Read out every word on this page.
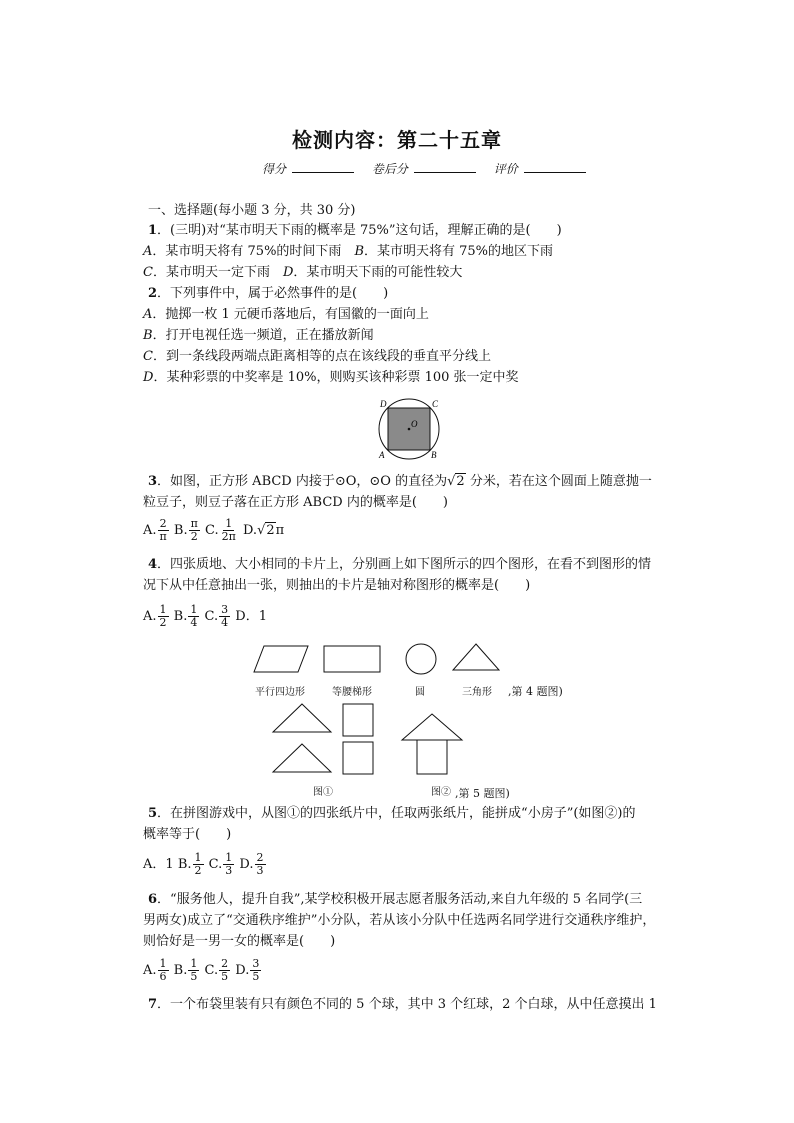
检测内容：第二十五章
得分	卷后分	评价
一、选择题(每小题 3 分，共 30 分)
1．(三明)对“某市明天下雨的概率是 75%”这句话，理解正确的是(　　)
A．某市明天将有 75%的时间下雨　 B．某市明天将有 75%的地区下雨
C．某市明天一定下雨　 D．某市明天下雨的可能性较大
2．下列事件中，属于必然事件的是(　　)
A．抛掷一枚 1 元硬币落地后，有国徽的一面向上
B．打开电视任选一频道，正在播放新闻
C．到一条线段两端点距离相等的点在该线段的垂直平分线上
D．某种彩票的中奖率是 10%，则购买该种彩票 100 张一定中奖
D	C
A	B
O
3．如图，正方形 ABCD 内接于⊙O，⊙O 的直径为√2 分米，若在这个圆面上随意抛一
粒豆子，则豆子落在正方形 ABCD 内的概率是(　　)
A. $\frac{2}{\pi} B$. $\frac{\pi}{2} C$. $\frac{1}{2\pi} D.√2\pi$
4．四张质地、大小相同的卡片上，分别画上如下图所示的四个图形，在看不到图形的情
况下从中任意抽出一张，则抽出的卡片是轴对称图形的概率是(　　)
A. $\frac{1}{2} B$. $\frac{1}{4} C$. $\frac{3}{4}$ D．1
平行四边形	等腰梯形	圆	三角形 ,第 4 题图)
图①	图② ,第 5 题图)
5．在拼图游戏中，从图①的四张纸片中，任取两张纸片，能拼成“小房子”(如图②)的
概率等于(　　)
A．1 B. $\frac{1}{2} C$. $\frac{1}{3} D$. $\frac{2}{3}$
6．“服务他人，提升自我”,某学校积极开展志愿者服务活动,来自九年级的 5 名同学(三
男两女)成立了“交通秩序维护”小分队，若从该小分队中任选两名同学进行交通秩序维护，
则恰好是一男一女的概率是(　　)
A. $\frac{1}{6} B$. $\frac{1}{5} C$. $\frac{2}{5} D$. $\frac{3}{5}$
7．一个布袋里装有只有颜色不同的 5 个球，其中 3 个红球，2 个白球，从中任意摸出 1
